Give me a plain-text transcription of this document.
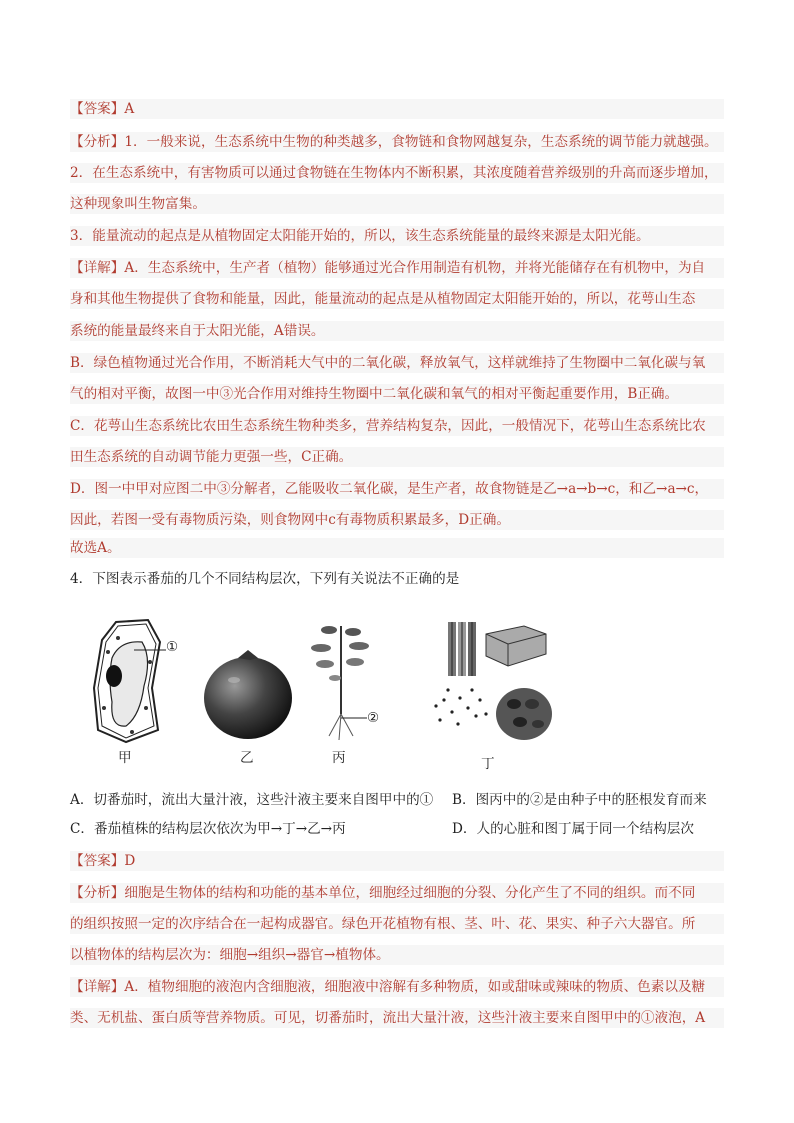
【答案】A
【分析】1．一般来说，生态系统中生物的种类越多，食物链和食物网越复杂，生态系统的调节能力就越强。
2．在生态系统中，有害物质可以通过食物链在生物体内不断积累，其浓度随着营养级别的升高而逐步增加，
这种现象叫生物富集。
3．能量流动的起点是从植物固定太阳能开始的，所以，该生态系统能量的最终来源是太阳光能。
【详解】A．生态系统中，生产者（植物）能够通过光合作用制造有机物，并将光能储存在有机物中，为自
身和其他生物提供了食物和能量，因此，能量流动的起点是从植物固定太阳能开始的，所以，花萼山生态
系统的能量最终来自于太阳光能，A错误。
B．绿色植物通过光合作用，不断消耗大气中的二氧化碳，释放氧气，这样就维持了生物圈中二氧化碳与氧
气的相对平衡，故图一中③光合作用对维持生物圈中二氧化碳和氧气的相对平衡起重要作用，B正确。
C．花萼山生态系统比农田生态系统生物种类多，营养结构复杂，因此，一般情况下，花萼山生态系统比农
田生态系统的自动调节能力更强一些，C正确。
D．图一中甲对应图二中③分解者，乙能吸收二氧化碳，是生产者，故食物链是乙→a→b→c，和乙→a→c，
因此，若图一受有毒物质污染，则食物网中c有毒物质积累最多，D正确。
故选A。
4．下图表示番茄的几个不同结构层次，下列有关说法不正确的是
①
甲	乙
②
丙	丁
A．切番茄时，流出大量汁液，这些汁液主要来自图甲中的①	B．图丙中的②是由种子中的胚根发育而来
C．番茄植株的结构层次依次为甲→丁→乙→丙	D．人的心脏和图丁属于同一个结构层次
【答案】D
【分析】细胞是生物体的结构和功能的基本单位，细胞经过细胞的分裂、分化产生了不同的组织。而不同
的组织按照一定的次序结合在一起构成器官。绿色开花植物有根、茎、叶、花、果实、种子六大器官。所
以植物体的结构层次为：细胞→组织→器官→植物体。
【详解】A．植物细胞的液泡内含细胞液，细胞液中溶解有多种物质，如或甜味或辣味的物质、色素以及糖
类、无机盐、蛋白质等营养物质。可见，切番茄时，流出大量汁液，这些汁液主要来自图甲中的①液泡，A
